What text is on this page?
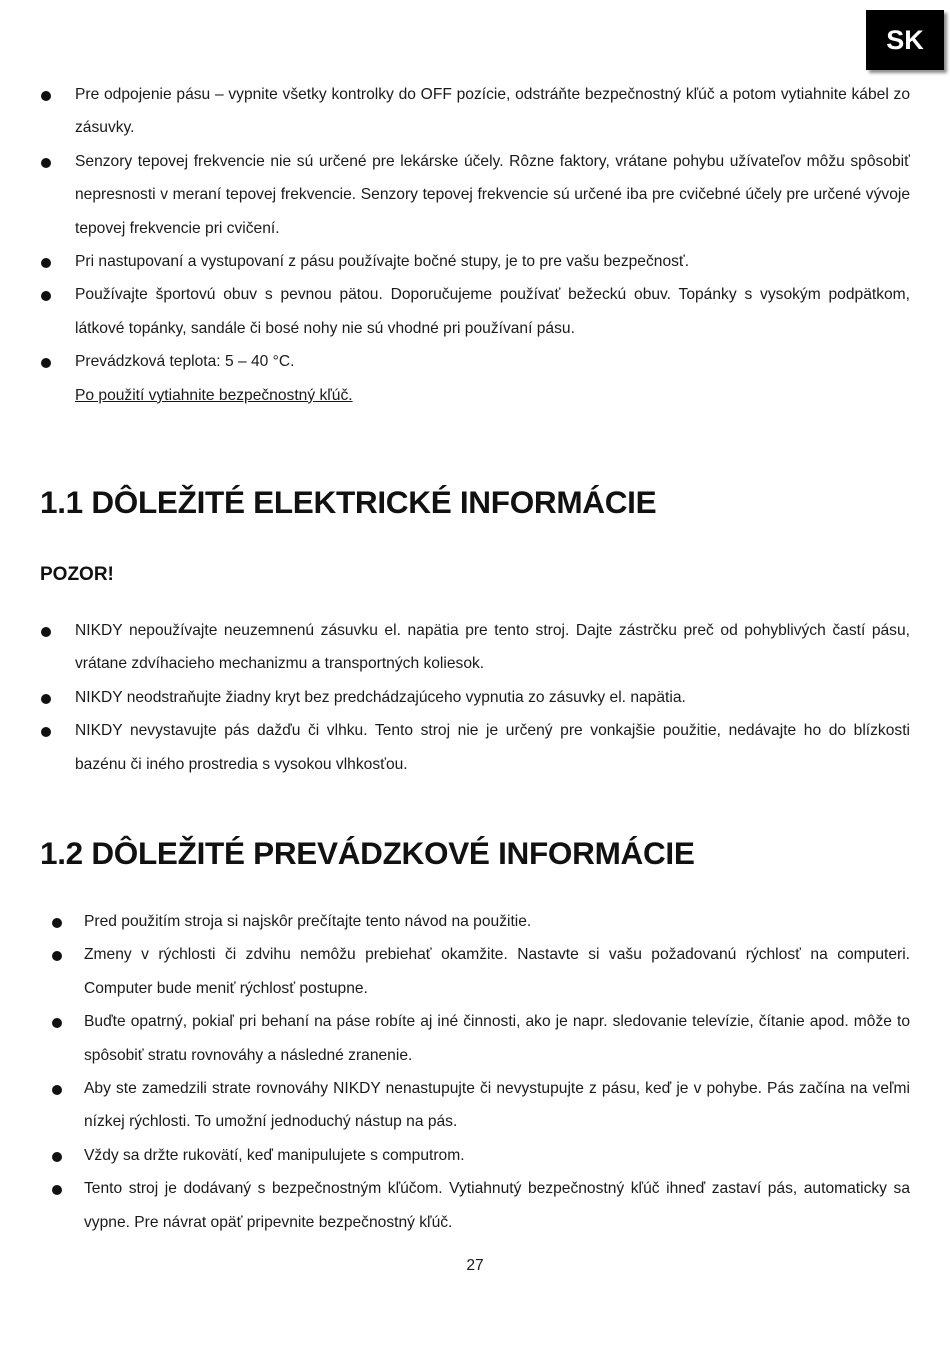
SK
Pre odpojenie pásu – vypnite všetky kontrolky do OFF pozície, odstráňte bezpečnostný kľúč a potom vytiahnite kábel zo zásuvky.
Senzory tepovej frekvencie nie sú určené pre lekárske účely. Rôzne faktory, vrátane pohybu užívateľov môžu spôsobiť nepresnosti v meraní tepovej frekvencie. Senzory tepovej frekvencie sú určené iba pre cvičebné účely pre určené vývoje tepovej frekvencie pri cvičení.
Pri nastupovaní a vystupovaní z pásu používajte bočné stupy, je to pre vašu bezpečnosť.
Používajte športovú obuv s pevnou pätou. Doporučujeme používať bežeckú obuv. Topánky s vysokým podpätkom, látkové topánky, sandále či bosé nohy nie sú vhodné pri používaní pásu.
Prevádzková teplota: 5 – 40 °C.
Po použití vytiahnite bezpečnostný kľúč.
1.1 DÔLEŽITÉ ELEKTRICKÉ INFORMÁCIE
POZOR!
NIKDY nepoužívajte neuzemnenú zásuvku el. napätia pre tento stroj. Dajte zástrčku preč od pohyblivých častí pásu, vrátane zdvíhacieho mechanizmu a transportných koliesok.
NIKDY neodstraňujte žiadny kryt bez predchádzajúceho vypnutia zo zásuvky el. napätia.
NIKDY nevystavujte pás dažďu či vlhku. Tento stroj nie je určený pre vonkajšie použitie, nedávajte ho do blízkosti bazénu či iného prostredia s vysokou vlhkosťou.
1.2 DÔLEŽITÉ PREVÁDZKOVÉ INFORMÁCIE
Pred použitím stroja si najskôr prečítajte tento návod na použitie.
Zmeny v rýchlosti či zdvihu nemôžu prebiehať okamžite. Nastavte si vašu požadovanú rýchlosť na computeri. Computer bude meniť rýchlosť postupne.
Buďte opatrný, pokiaľ pri behaní na páse robíte aj iné činnosti, ako je napr. sledovanie televízie, čítanie apod. môže to spôsobiť stratu rovnováhy a následné zranenie.
Aby ste zamedzili strate rovnováhy NIKDY nenastupujte či nevystupujte z pásu, keď je v pohybe. Pás začína na veľmi nízkej rýchlosti. To umožní jednoduchý nástup na pás.
Vždy sa držte rukovätí, keď manipulujete s computrom.
Tento stroj je dodávaný s bezpečnostným kľúčom. Vytiahnutý bezpečnostný kľúč ihneď zastaví pás, automaticky sa vypne. Pre návrat opäť pripevnite bezpečnostný kľúč.
27
